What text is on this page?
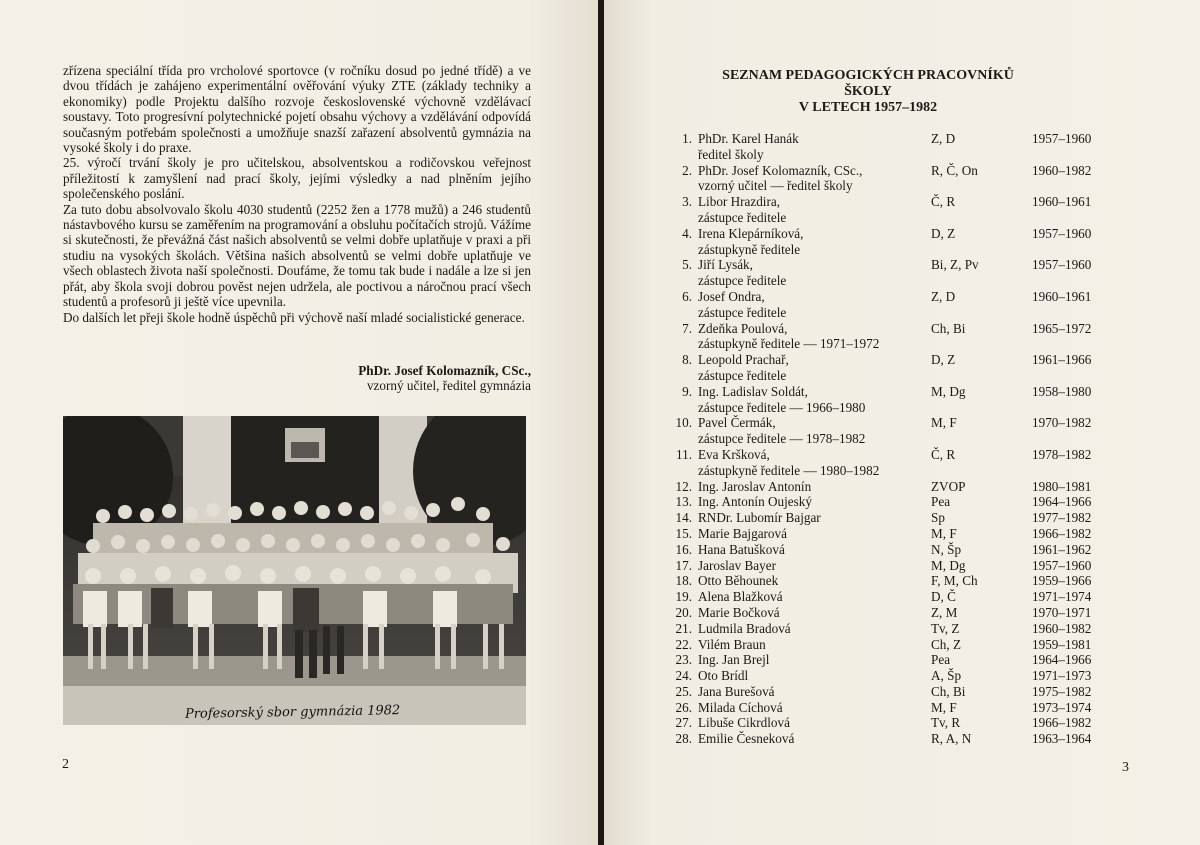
zřízena speciální třída pro vrcholové sportovce (v ročníku dosud po jedné třídě) a ve dvou třídách je zahájeno experimentální ověřování výuky ZTE (základy techniky a ekonomiky) podle Projektu dalšího rozvoje československé výchovně vzdělávací soustavy. Toto progresívní polytechnické pojetí obsahu výchovy a vzdělávání odpovídá současným potřebám společnosti a umožňuje snazší zařazení absolventů gymnázia na vysoké školy i do praxe.

25. výročí trvání školy je pro učitelskou, absolventskou a rodičovskou veřejnost příležitostí k zamyšlení nad prací školy, jejími výsledky a nad plněním jejího společenského poslání.

Za tuto dobu absolvovalo školu 4030 studentů (2252 žen a 1778 mužů) a 246 studentů nástavbového kursu se zaměřením na programování a obsluhu počítačích strojů. Vážíme si skutečnosti, že převážná část našich absolventů se velmi dobře uplatňuje v praxi a při studiu na vysokých školách. Většina našich absolventů se velmi dobře uplatňuje ve všech oblastech života naší společnosti. Doufáme, že tomu tak bude i nadále a lze si jen přát, aby škola svoji dobrou pověst nejen udržela, ale poctivou a náročnou prací všech studentů a profesorů ji ještě více upevnila.

Do dalších let přeji škole hodně úspěchů při výchově naší mladé socialistické generace.

PhDr. Josef Kolomazník, CSc.,
vzorný učitel, ředitel gymnázia
Profesorský sbor gymnázia 1982
2
SEZNAM PEDAGOGICKÝCH PRACOVNÍKŮ ŠKOLY
V LETECH 1957–1982
1. PhDr. Karel Hanák	Z, D	1957–1960
ředitel školy
2. PhDr. Josef Kolomazník, CSc.,	R, Č, On	1960–1982
vzorný učitel — ředitel školy
3. Libor Hrazdira,	Č, R	1960–1961
zástupce ředitele
4. Irena Klepárníková,	D, Z	1957–1960
zástupkyně ředitele
5. Jiří Lysák,	Bi, Z, Pv	1957–1960
zástupce ředitele
6. Josef Ondra,	Z, D	1960–1961
zástupce ředitele
7. Zdeňka Poulová,	Ch, Bi	1965–1972
zástupkyně ředitele — 1971–1972
8. Leopold Prachař,	D, Z	1961–1966
zástupce ředitele
9. Ing. Ladislav Soldát,	M, Dg	1958–1980
zástupce ředitele — 1966–1980
10. Pavel Čermák,	M, F	1970–1982
zástupce ředitele — 1978–1982
11. Eva Kršková,	Č, R	1978–1982
zástupkyně ředitele — 1980–1982
12. Ing. Jaroslav Antonín	ZVOP	1980–1981
13. Ing. Antonín Oujeský	Pea	1964–1966
14. RNDr. Lubomír Bajgar	Sp	1977–1982
15. Marie Bajgarová	M, F	1966–1982
16. Hana Batušková	N, Šp	1961–1962
17. Jaroslav Bayer	M, Dg	1957–1960
18. Otto Běhounek	F, M, Ch	1959–1966
19. Alena Blažková	D, Č	1971–1974
20. Marie Bočková	Z, M	1970–1971
21. Ludmila Bradová	Tv, Z	1960–1982
22. Vilém Braun	Ch, Z	1959–1981
23. Ing. Jan Brejl	Pea	1964–1966
24. Oto Brídl	A, Šp	1971–1973
25. Jana Burešová	Ch, Bi	1975–1982
26. Milada Cíchová	M, F	1973–1974
27. Libuše Cikrdlová	Tv, R	1966–1982
28. Emilie Česneková	R, A, N	1963–1964
3
